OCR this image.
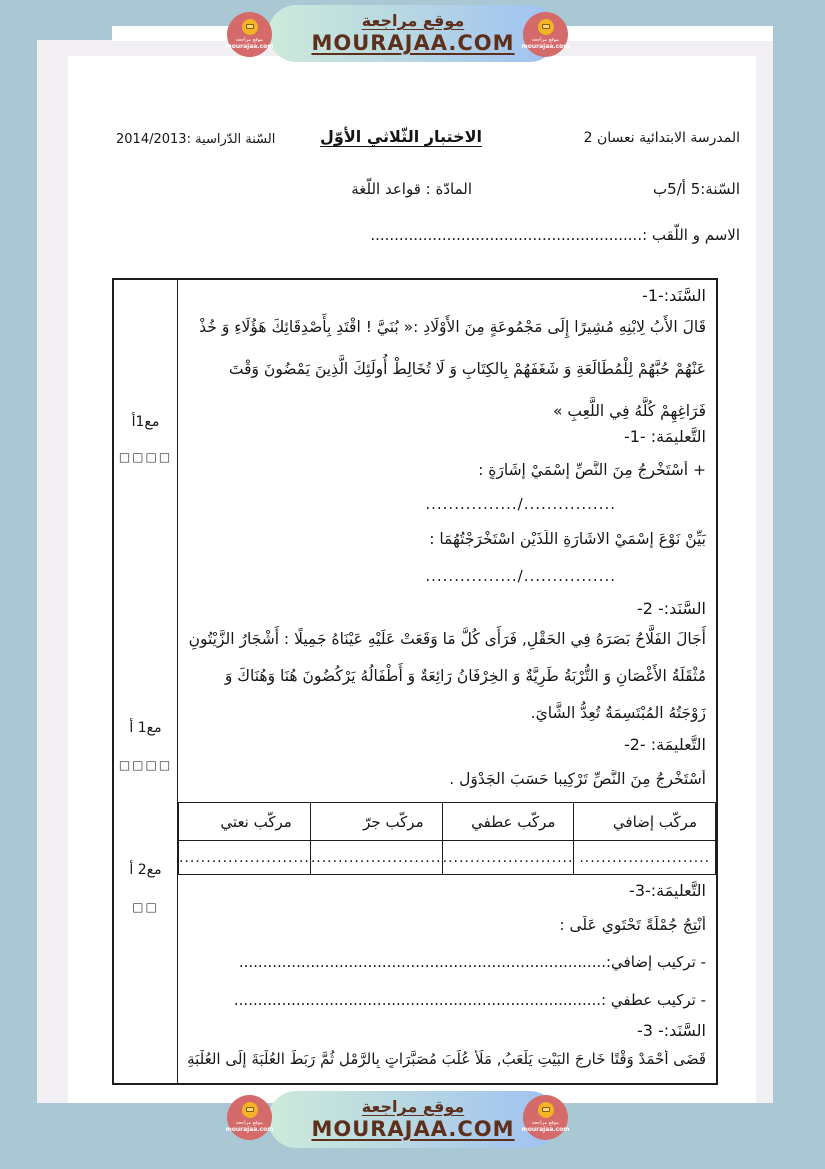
موقع مراجعة
MOURAJAA.COM
موقع مراجعة
mourajaa.com
موقع مراجعة
mourajaa.com
المدرسة الابتدائية نعسان 2
الاختبار الثّلاثي الأوّل
السّنة الدّراسية :2014/2013
السّنة:5 أ/5ب
المادّة : قواعد اللّغة
الاسم و اللّقب :.........................................................
مع1أ
□□□□
مع1 أ
□□□□
مع2 أ
□□
السَّنَد:-1-
قَالَ الأَبُ لِابْنِهِ مُشِيرًا إِلَى مَجْمُوعَةٍ مِنَ الأَوْلَادِ :« بُنَيَّ ! اقْتَدِ بِأَصْدِقَائِكَ هَؤُلَاءِ وَ خُذْ عَنْهُمْ حُبَّهُمْ لِلْمُطَالَعَةِ وَ شَغَفَهُمْ بِالكِتَابِ وَ لَا تُخَالِطْ أُولَئِكَ الَّذِينَ يَمْضُونَ وَقْتَ فَرَاغِهِمْ كُلَّهُ فِي اللَّعِبِ »
التَّعليمَة: -1-
+ أَسْتَخْرِجُ مِنَ النَّصِّ إِسْمَيْ إِشَارَةٍ :
................/................
بَيِّنْ نَوْعَ إِسْمَيْ الاشَارَةِ اللَّذَيْنِ اسْتَخْرَجْتُهُمَا :
................/................
السَّنَد:- 2-
أَجَالَ الفَلَّاحُ بَصَرَهُ فِي الحَقْلِ, فَرَأَى كُلَّ مَا وَقَعَتْ عَلَيْهِ عَيْنَاهُ جَمِيلًا : أَشْجَارُ الزَّيْتُونِ مُثْقَلَةُ الأَغْصَانِ وَ التُّرْبَةُ طَرِيَّةٌ وَ الخِرْفَانُ رَائِعَةٌ وَ أَطْفَالُهُ يَرْكُضُونَ هُنَا وَهُنَاكَ وَ زَوْجَتُهُ المُبْتَسِمَةُ تُعِدُّ الشَّايَ.
التَّعليمَة: -2-
أَسْتَخْرِجُ مِنَ النَّصِّ تَرْكِيبا حَسَبَ الجَدْوَلِ .
مركّب إضافي	مركّب عطفي	مركّب جرّ	مركّب نعتي
........................	........................	........................	........................
التَّعليمَة:-3-
أُنْتِجُ جُمْلَةً تَحْتَوِي عَلَى :
- تركيب إضافي:.............................................................................
- تركيب عطفي :.............................................................................
السَّنَد:- 3-
قَضَى أَحْمَدْ وَقْتًا خَارِجَ البَيْتِ يَلْعَبُ, مَلَأَ عُلَبَ مُصَبَّرَاتٍ بِالرَّمْلِ ثُمَّ رَبَطَ العُلْبَةَ إِلَى العُلْبَةِ
موقع مراجعة
MOURAJAA.COM
موقع مراجعة
mourajaa.com
موقع مراجعة
mourajaa.com
